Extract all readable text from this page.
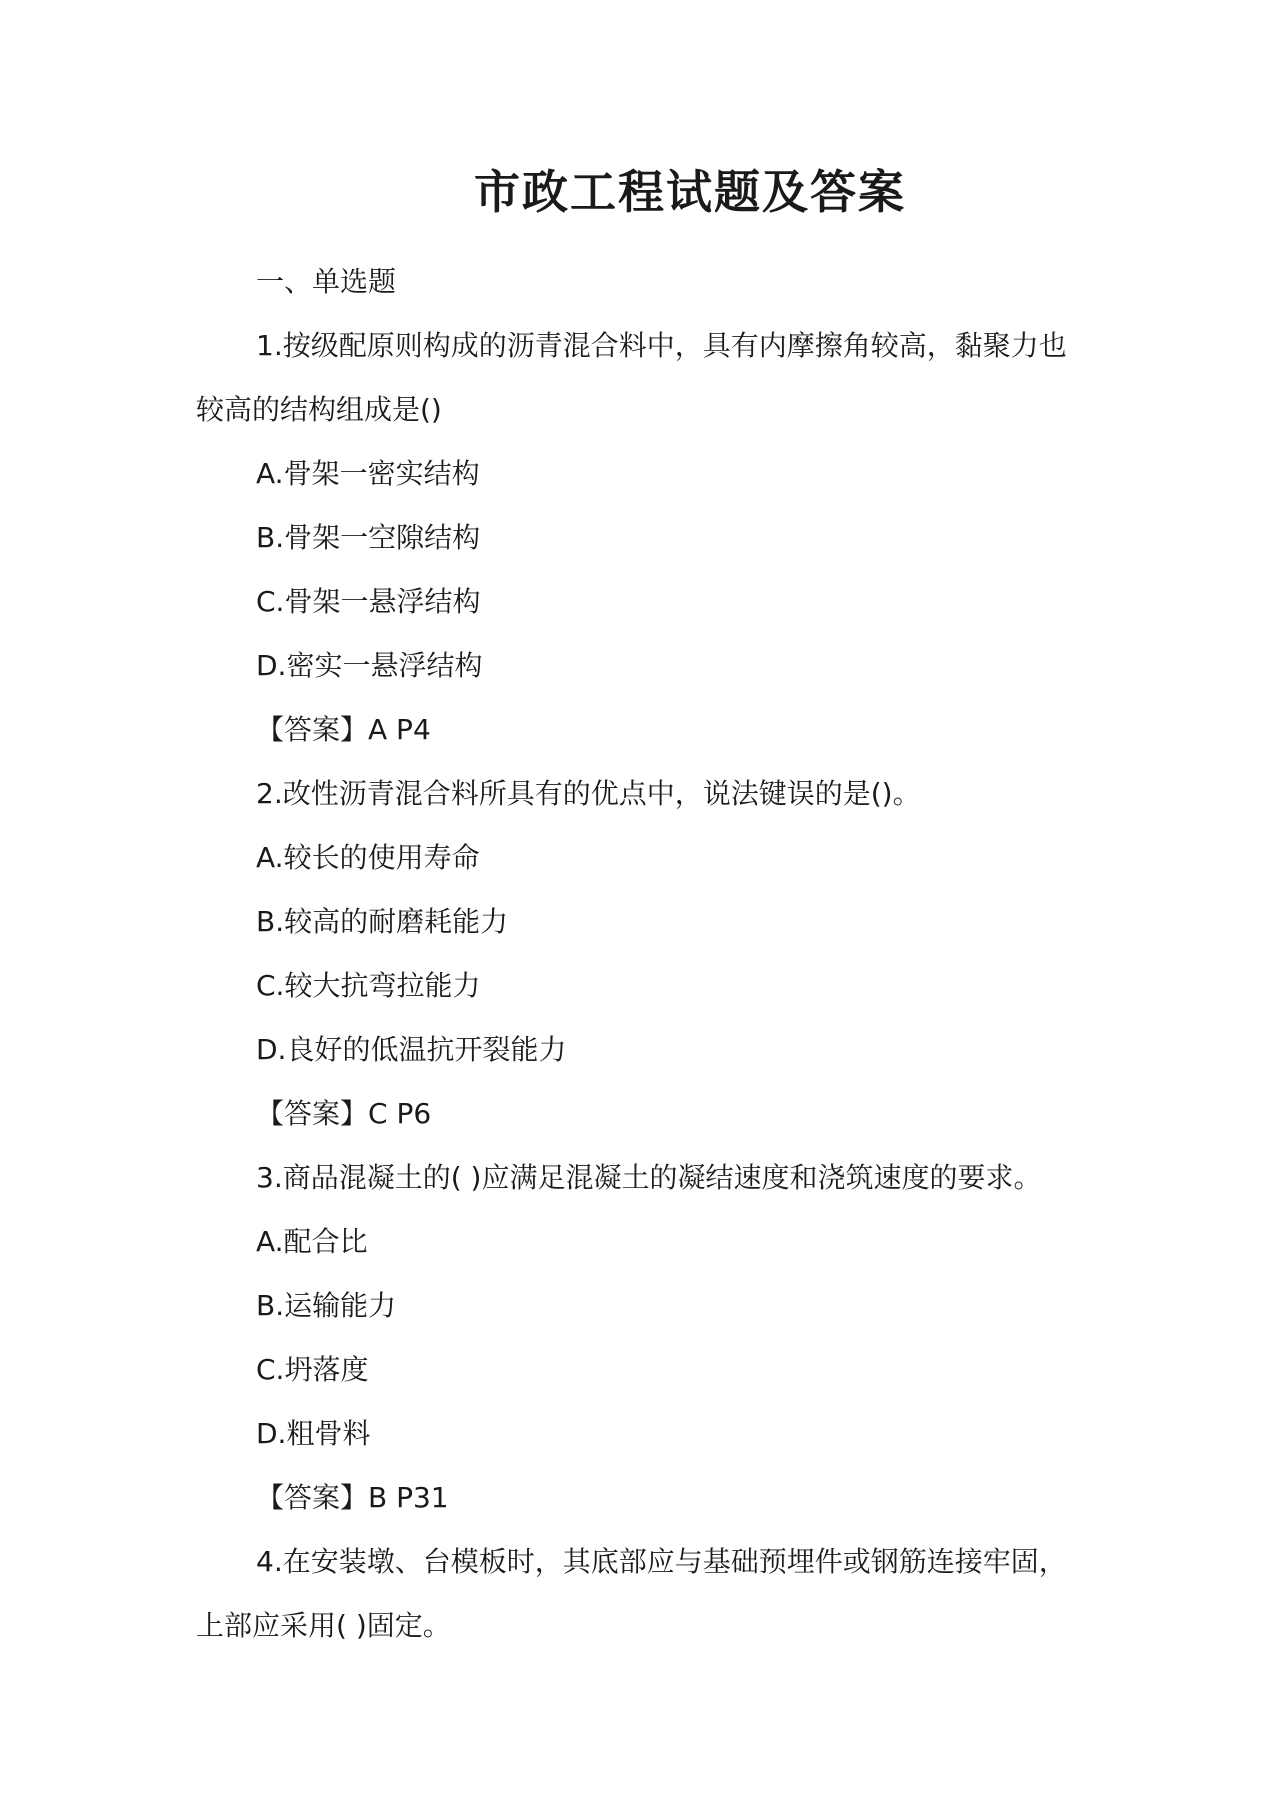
市政工程试题及答案

一、单选题

1.按级配原则构成的沥青混合料中，具有内摩擦角较高，黏聚力也较高的结构组成是()

A.骨架一密实结构

B.骨架一空隙结构

C.骨架一悬浮结构

D.密实一悬浮结构

【答案】A P4

2.改性沥青混合料所具有的优点中，说法键误的是()。

A.较长的使用寿命

B.较高的耐磨耗能力

C.较大抗弯拉能力

D.良好的低温抗开裂能力

【答案】C P6

3.商品混凝土的( )应满足混凝土的凝结速度和浇筑速度的要求。

A.配合比

B.运输能力

C.坍落度

D.粗骨料

【答案】B P31

4.在安装墩、台模板时，其底部应与基础预埋件或钢筋连接牢固，上部应采用( )固定。
